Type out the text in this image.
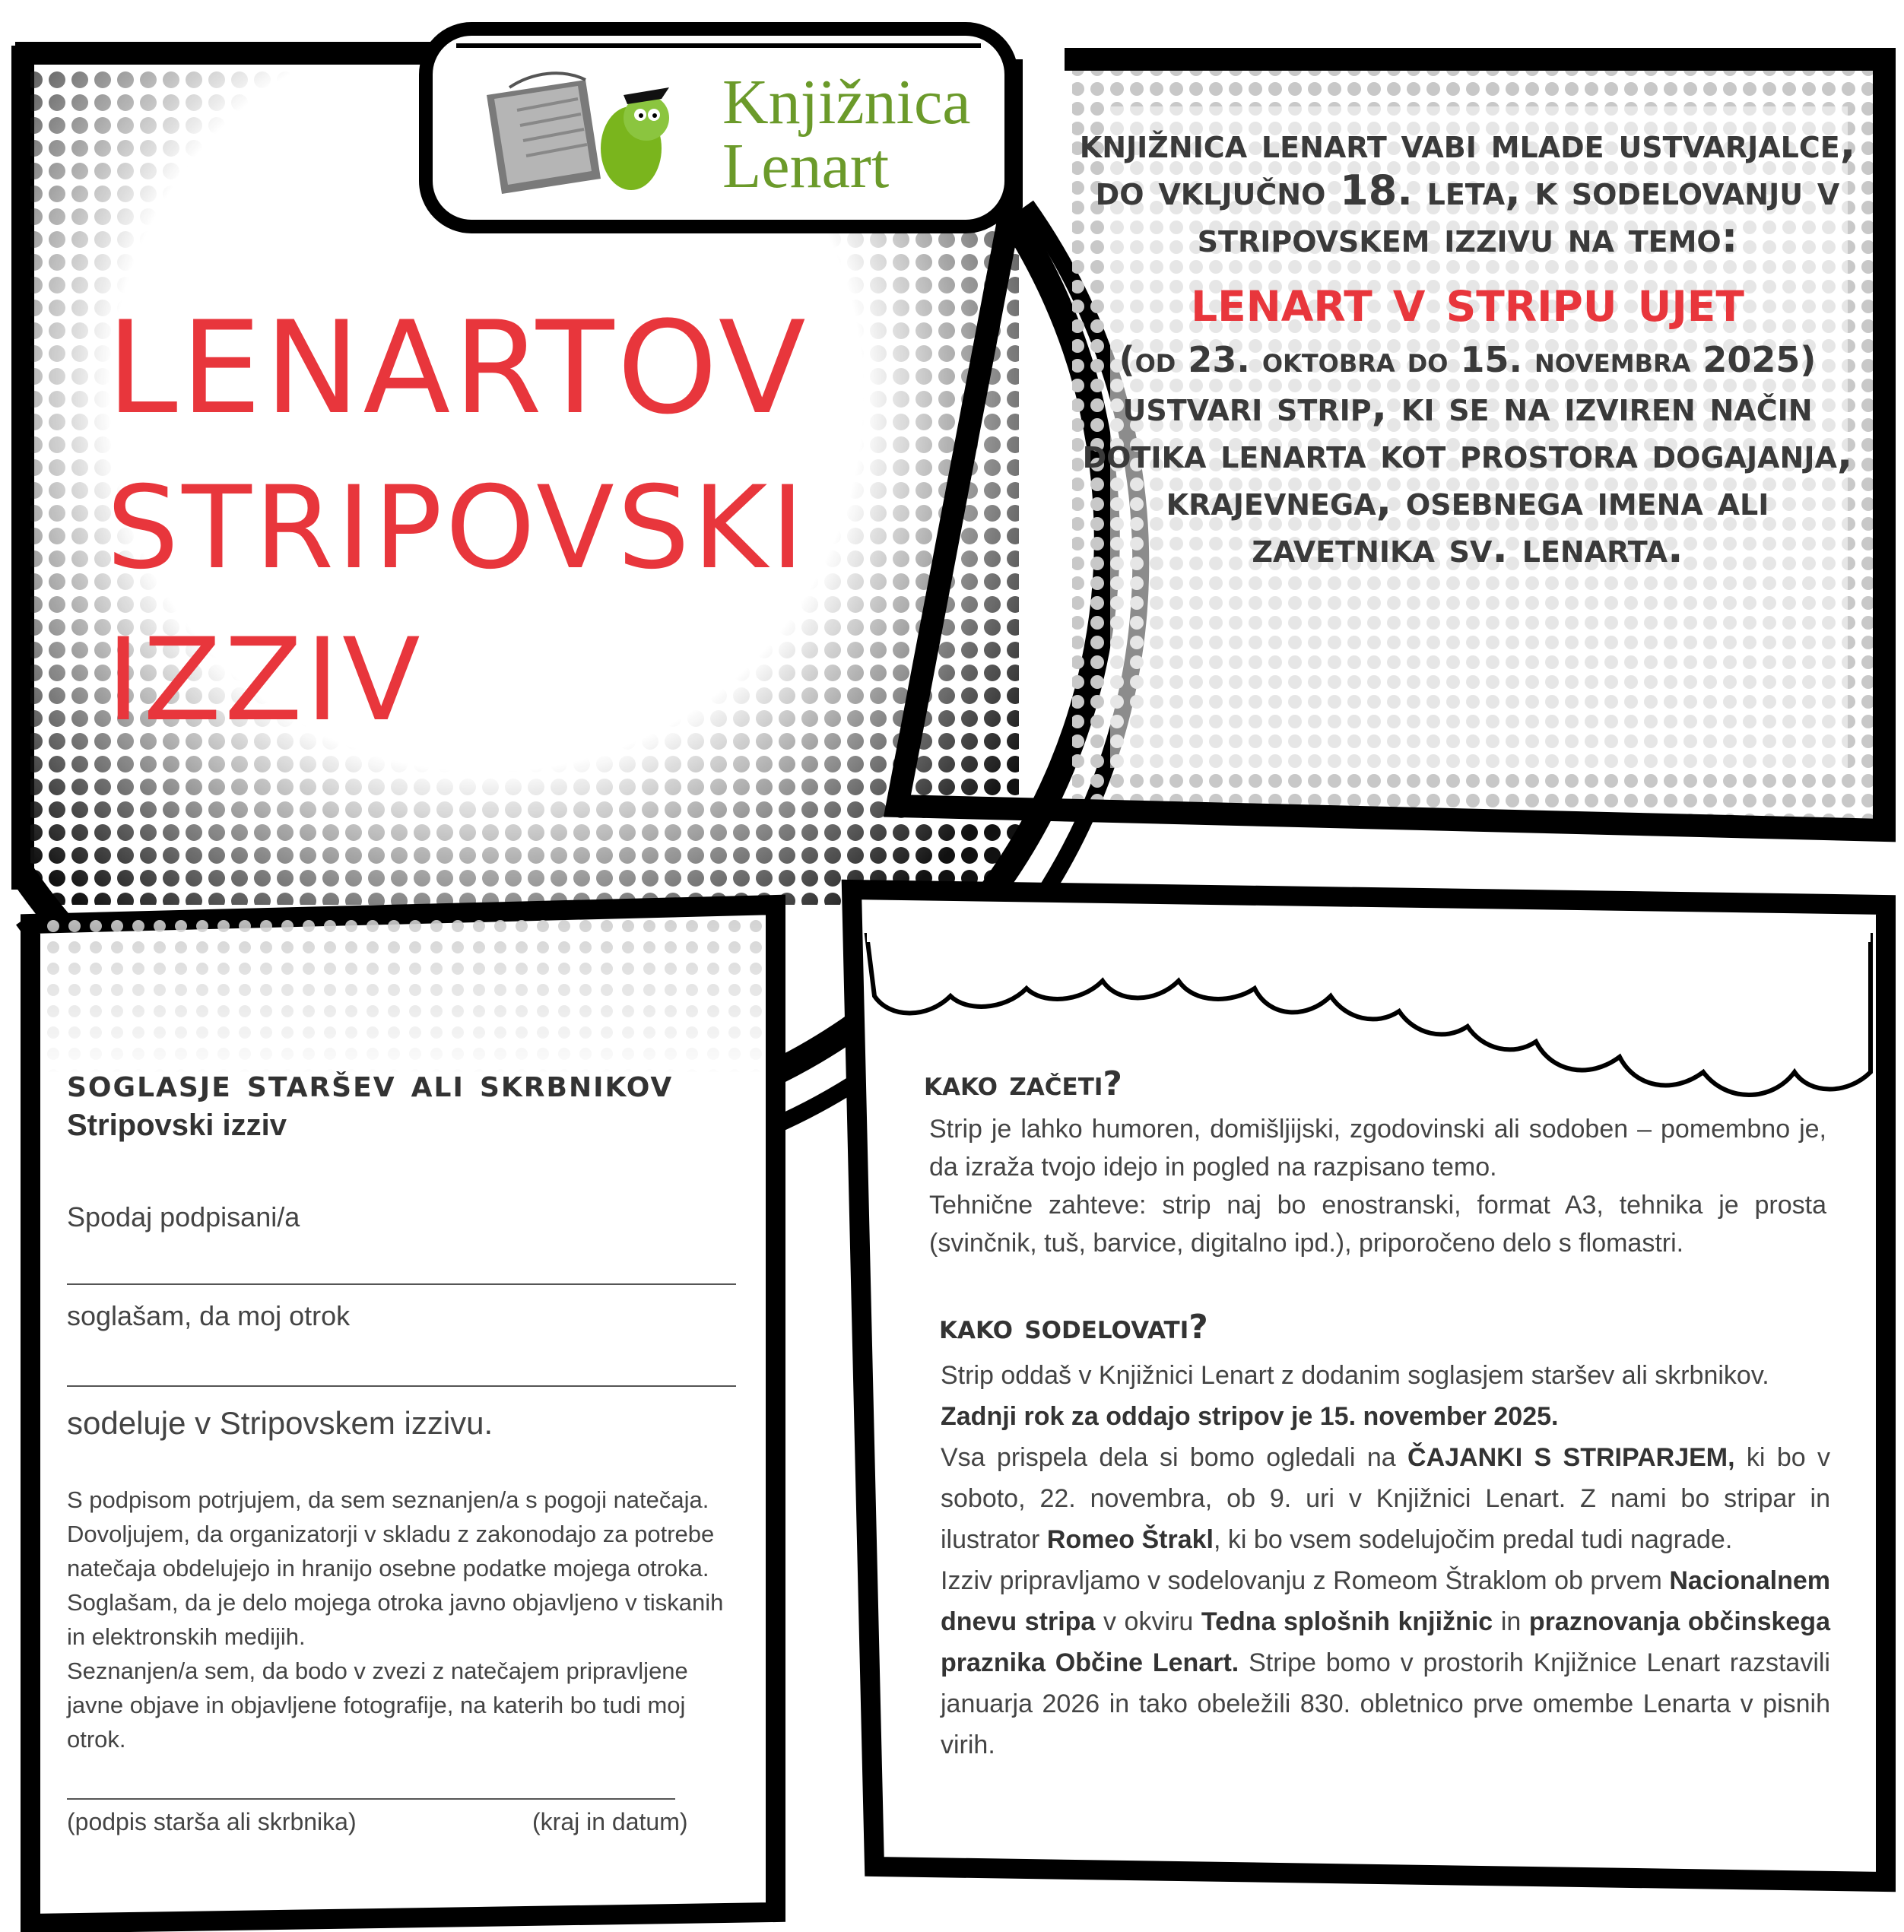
Knjižnica
Lenart
LENARTOV
STRIPOVSKI
IZZIV
knjižnica lenart vabi mlade ustvarjalce, do vključno 18. leta, k sodelovanju v stripovskem izzivu na temo:
lenart v stripu ujet
(od 23. oktobra do 15. novembra 2025)
ustvari strip, ki se na izviren način dotika lenarta kot prostora dogajanja, krajevnega, osebnega imena ali zavetnika sv. lenarta.
soglasje staršev ali skrbnikov
Stripovski izziv
Spodaj podpisani/a
soglašam, da moj otrok
sodeluje v Stripovskem izzivu.
S podpisom potrjujem, da sem seznanjen/a s pogoji natečaja.
Dovoljujem, da organizatorji v skladu z zakonodajo za potrebe natečaja obdelujejo in hranijo osebne podatke mojega otroka.
Soglašam, da je delo mojega otroka javno objavljeno v tiskanih in elektronskih medijih.
Seznanjen/a sem, da bodo v zvezi z natečajem pripravljene javne objave in objavljene fotografije, na katerih bo tudi moj otrok.
(podpis starša ali skrbnika)	(kraj in datum)
kako začeti?
Strip je lahko humoren, domišljijski, zgodovinski ali sodoben – pomembno je, da izraža tvojo idejo in pogled na razpisano temo.
Tehnične zahteve: strip naj bo enostranski, format A3, tehnika je prosta (svinčnik, tuš, barvice, digitalno ipd.), priporočeno delo s flomastri.
kako sodelovati?
Strip oddaš v Knjižnici Lenart z dodanim soglasjem staršev ali skrbnikov.
Zadnji rok za oddajo stripov je 15. november 2025.
Vsa prispela dela si bomo ogledali na ČAJANKI S STRIPARJEM, ki bo v soboto, 22. novembra, ob 9. uri v Knjižnici Lenart. Z nami bo stripar in ilustrator Romeo Štrakl, ki bo vsem sodelujočim predal tudi nagrade.
Izziv pripravljamo v sodelovanju z Romeom Štraklom ob prvem Nacionalnem dnevu stripa v okviru Tedna splošnih knjižnic in praznovanja občinskega praznika Občine Lenart. Stripe bomo v prostorih Knjižnice Lenart razstavili januarja 2026 in tako obeležili 830. obletnico prve omembe Lenarta v pisnih virih.
